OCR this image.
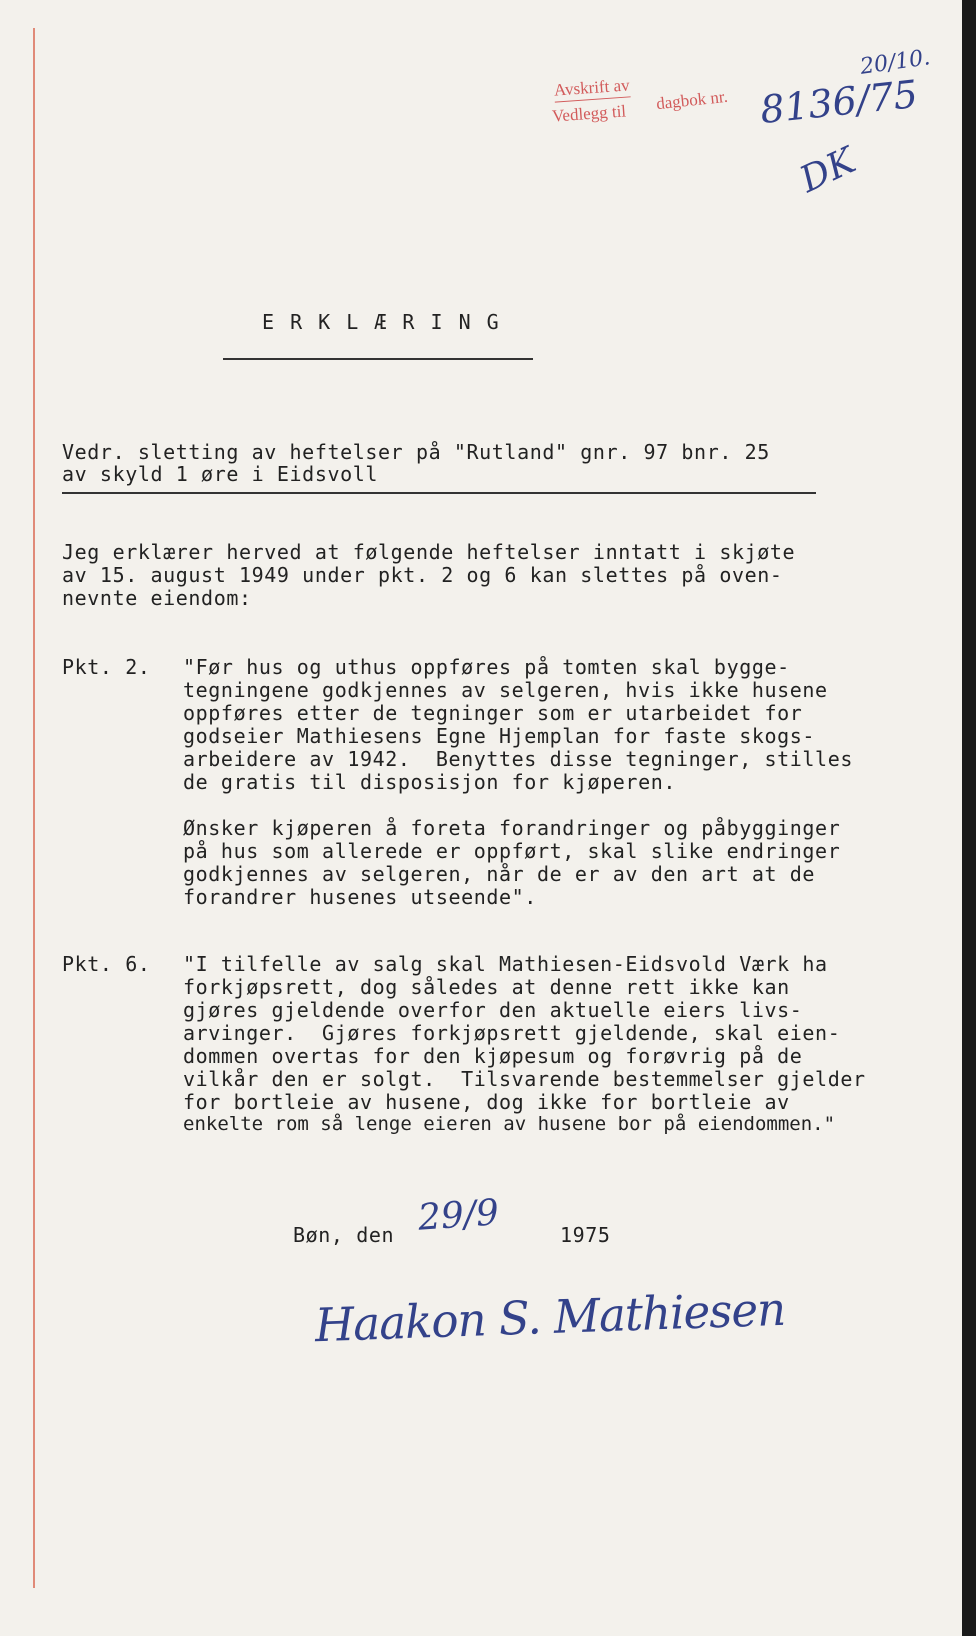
Avskrift av
Vedlegg til
dagbok nr. 8136/75
20/10.
DK
E R K L Æ R I N G
Vedr. sletting av heftelser på "Rutland" gnr. 97 bnr. 25
av skyld 1 øre i Eidsvoll
Jeg erklærer herved at følgende heftelser inntatt i skjøte
av 15. august 1949 under pkt. 2 og 6 kan slettes på oven-
nevnte eiendom:
Pkt. 2. "Før hus og uthus oppføres på tomten skal bygge-
tegningene godkjennes av selgeren, hvis ikke husene
oppføres etter de tegninger som er utarbeidet for
godseier Mathiesens Egne Hjemplan for faste skogs-
arbeidere av 1942.  Benyttes disse tegninger, stilles
de gratis til disposisjon for kjøperen.
Ønsker kjøperen å foreta forandringer og påbygginger
på hus som allerede er oppført, skal slike endringer
godkjennes av selgeren, når de er av den art at de
forandrer husenes utseende".
Pkt. 6. "I tilfelle av salg skal Mathiesen-Eidsvold Værk ha
forkjøpsrett, dog således at denne rett ikke kan
gjøres gjeldende overfor den aktuelle eiers livs-
arvinger.  Gjøres forkjøpsrett gjeldende, skal eien-
dommen overtas for den kjøpesum og forøvrig på de
vilkår den er solgt.  Tilsvarende bestemmelser gjelder
for bortleie av husene, dog ikke for bortleie av
enkelte rom så lenge eieren av husene bor på eiendommen."
Bøn, den 29/9	1975
Haakon S. Mathiesen
